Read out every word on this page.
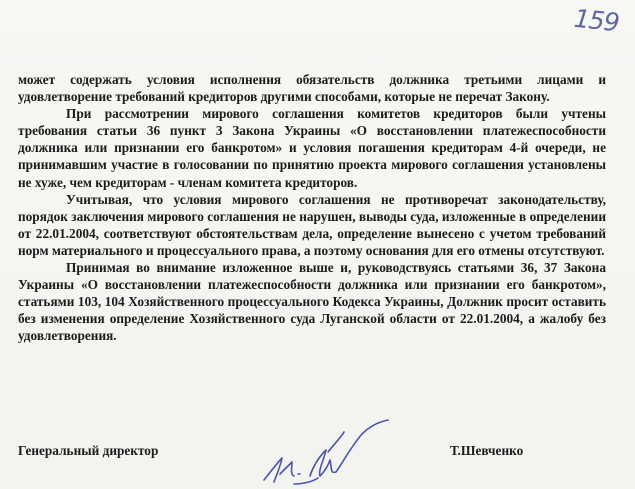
159

может содержать условия исполнения обязательств должника третьими лицами и удовлетворение требований кредиторов другими способами, которые не перечат Закону.

При рассмотрении мирового соглашения комитетов кредиторов были учтены требования статьи 36 пункт 3 Закона Украины «О восстановлении платежеспособности должника или признании его банкротом» и условия погашения кредиторам 4-й очереди, не принимавшим участие в голосовании по принятию проекта мирового соглашения установлены не хуже, чем кредиторам - членам комитета кредиторов.

Учитывая, что условия мирового соглашения не противоречат законодательству, порядок заключения мирового соглашения не нарушен, выводы суда, изложенные в определении от 22.01.2004, соответствуют обстоятельствам дела, определение вынесено с учетом требований норм материального и процессуального права, а поэтому основания для его отмены отсутствуют.

Принимая во внимание изложенное выше и, руководствуясь статьями 36, 37 Закона Украины «О восстановлении платежеспособности должника или признании его банкротом», статьями 103, 104 Хозяйственного процессуального Кодекса Украины, Должник просит оставить без изменения определение Хозяйственного суда Луганской области от 22.01.2004, а жалобу без удовлетворения.

Генеральный директор	Т.Шевченко
